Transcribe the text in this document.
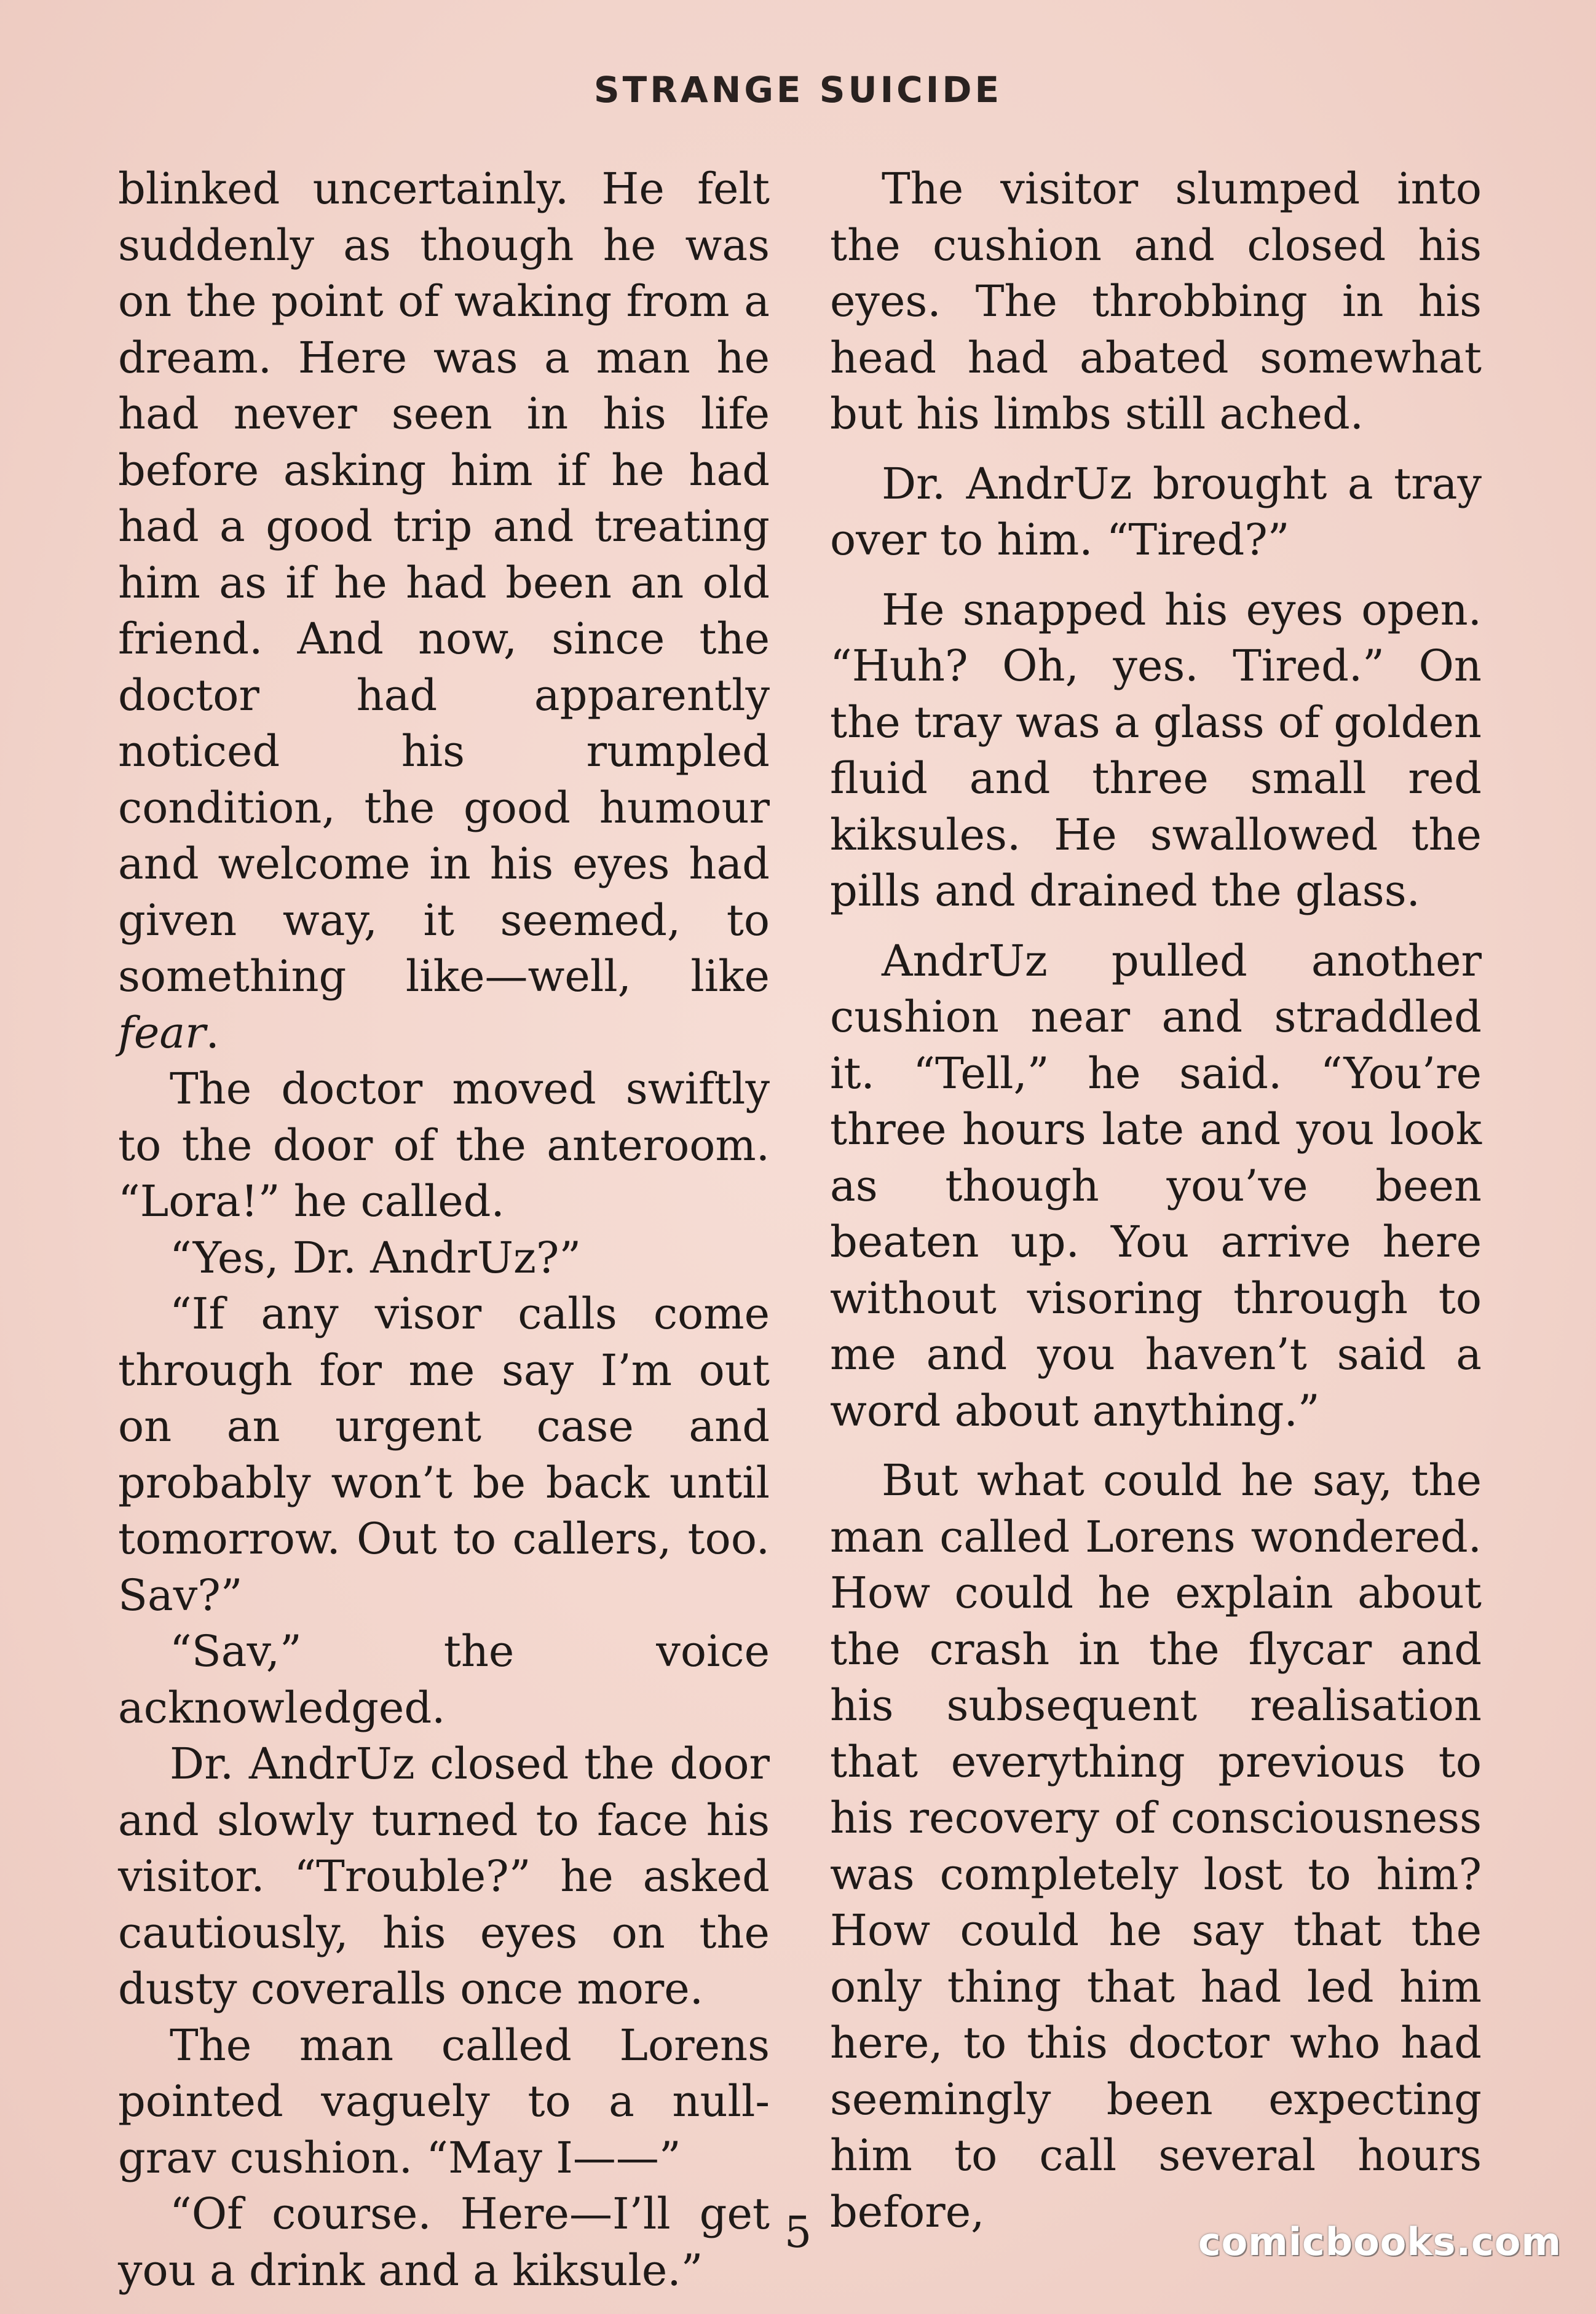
STRANGE SUICIDE

blinked uncertainly. He felt suddenly as though he was on the point of waking from a dream. Here was a man he had never seen in his life before asking him if he had had a good trip and treating him as if he had been an old friend. And now, since the doctor had apparently noticed his rumpled condition, the good humour and welcome in his eyes had given way, it seemed, to something like—well, like fear.

The doctor moved swiftly to the door of the anteroom. “Lora!” he called.

“Yes, Dr. AndrUz?”

“If any visor calls come through for me say I’m out on an urgent case and probably won’t be back until tomorrow. Out to callers, too. Sav?”

“Sav,” the voice acknowledged.

Dr. AndrUz closed the door and slowly turned to face his visitor. “Trouble?” he asked cautiously, his eyes on the dusty coveralls once more.

The man called Lorens pointed vaguely to a null-grav cushion. “May I——”

“Of course. Here—I’ll get you a drink and a kiksule.”

The visitor slumped into the cushion and closed his eyes. The throbbing in his head had abated somewhat but his limbs still ached.

Dr. AndrUz brought a tray over to him. “Tired?”

He snapped his eyes open. “Huh? Oh, yes. Tired.” On the tray was a glass of golden fluid and three small red kiksules. He swallowed the pills and drained the glass.

AndrUz pulled another cushion near and straddled it. “Tell,” he said. “You’re three hours late and you look as though you’ve been beaten up. You arrive here without visoring through to me and you haven’t said a word about anything.”

But what could he say, the man called Lorens wondered. How could he explain about the crash in the flycar and his subsequent realisation that everything previous to his recovery of consciousness was completely lost to him? How could he say that the only thing that had led him here, to this doctor who had seemingly been expecting him to call several hours before,

5	comicbooks.com
